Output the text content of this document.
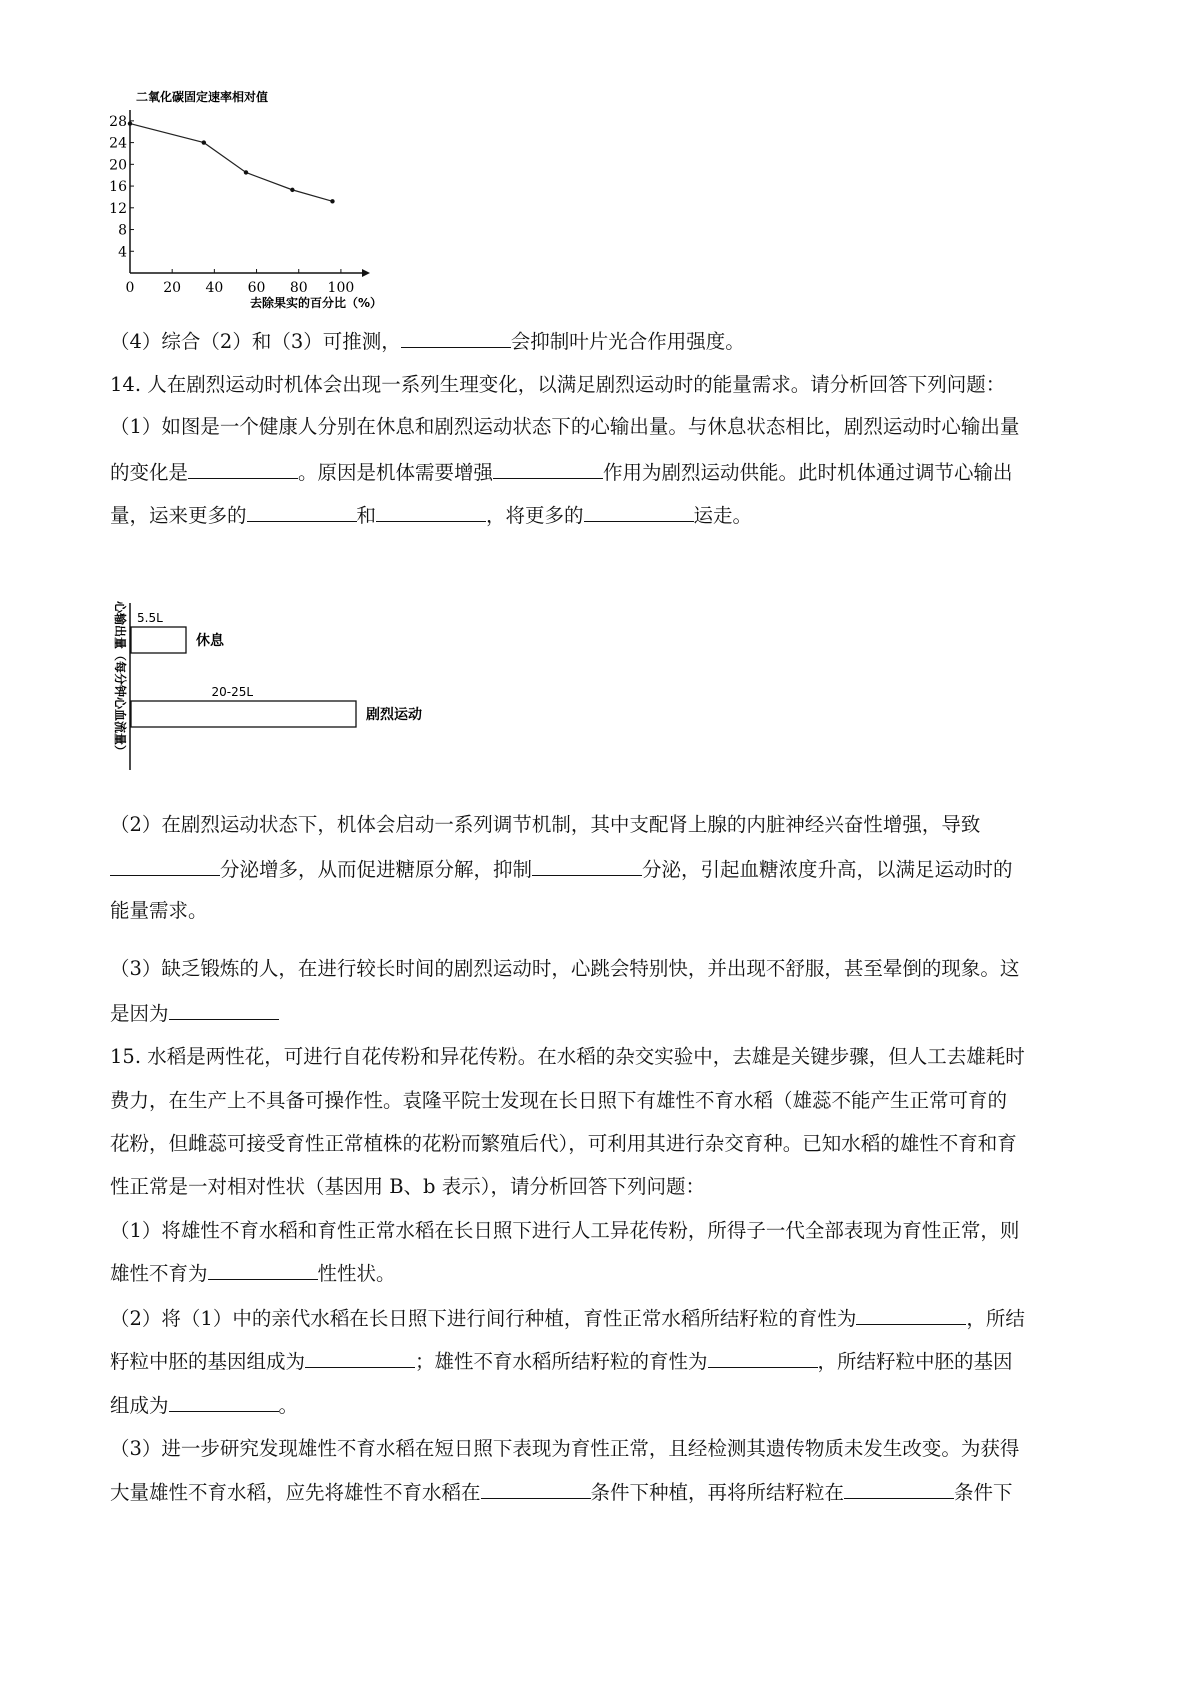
二氧化碳固定速率相对值
4
8
12
16
20
24
28
0 20 40 60 80 100
去除果实的百分比（%）
（4）综合（2）和（3）可推测，	会抑制叶片光合作用强度。
14. 人在剧烈运动时机体会出现一系列生理变化，以满足剧烈运动时的能量需求。请分析回答下列问题：
（1）如图是一个健康人分别在休息和剧烈运动状态下的心输出量。与休息状态相比，剧烈运动时心输出量
的变化是	。原因是机体需要增强	作用为剧烈运动供能。此时机体通过调节心输出
量，运来更多的	和	，将更多的	运走。
心输出量（每分钟心血流量） 5.5L
休息
20-25L
剧烈运动
（2）在剧烈运动状态下，机体会启动一系列调节机制，其中支配肾上腺的内脏神经兴奋性增强，导致
分泌增多，从而促进糖原分解，抑制	分泌，引起血糖浓度升高，以满足运动时的
能量需求。
（3）缺乏锻炼的人，在进行较长时间的剧烈运动时，心跳会特别快，并出现不舒服，甚至晕倒的现象。这
是因为
15. 水稻是两性花，可进行自花传粉和异花传粉。在水稻的杂交实验中，去雄是关键步骤，但人工去雄耗时
费力，在生产上不具备可操作性。袁隆平院士发现在长日照下有雄性不育水稻（雄蕊不能产生正常可育的
花粉，但雌蕊可接受育性正常植株的花粉而繁殖后代），可利用其进行杂交育种。已知水稻的雄性不育和育
性正常是一对相对性状（基因用 B、b 表示），请分析回答下列问题：
（1）将雄性不育水稻和育性正常水稻在长日照下进行人工异花传粉，所得子一代全部表现为育性正常，则
雄性不育为	性性状。
（2）将（1）中的亲代水稻在长日照下进行间行种植，育性正常水稻所结籽粒的育性为	，所结
籽粒中胚的基因组成为	；雄性不育水稻所结籽粒的育性为	，所结籽粒中胚的基因
组成为	。
（3）进一步研究发现雄性不育水稻在短日照下表现为育性正常，且经检测其遗传物质未发生改变。为获得
大量雄性不育水稻，应先将雄性不育水稻在	条件下种植，再将所结籽粒在	条件下
